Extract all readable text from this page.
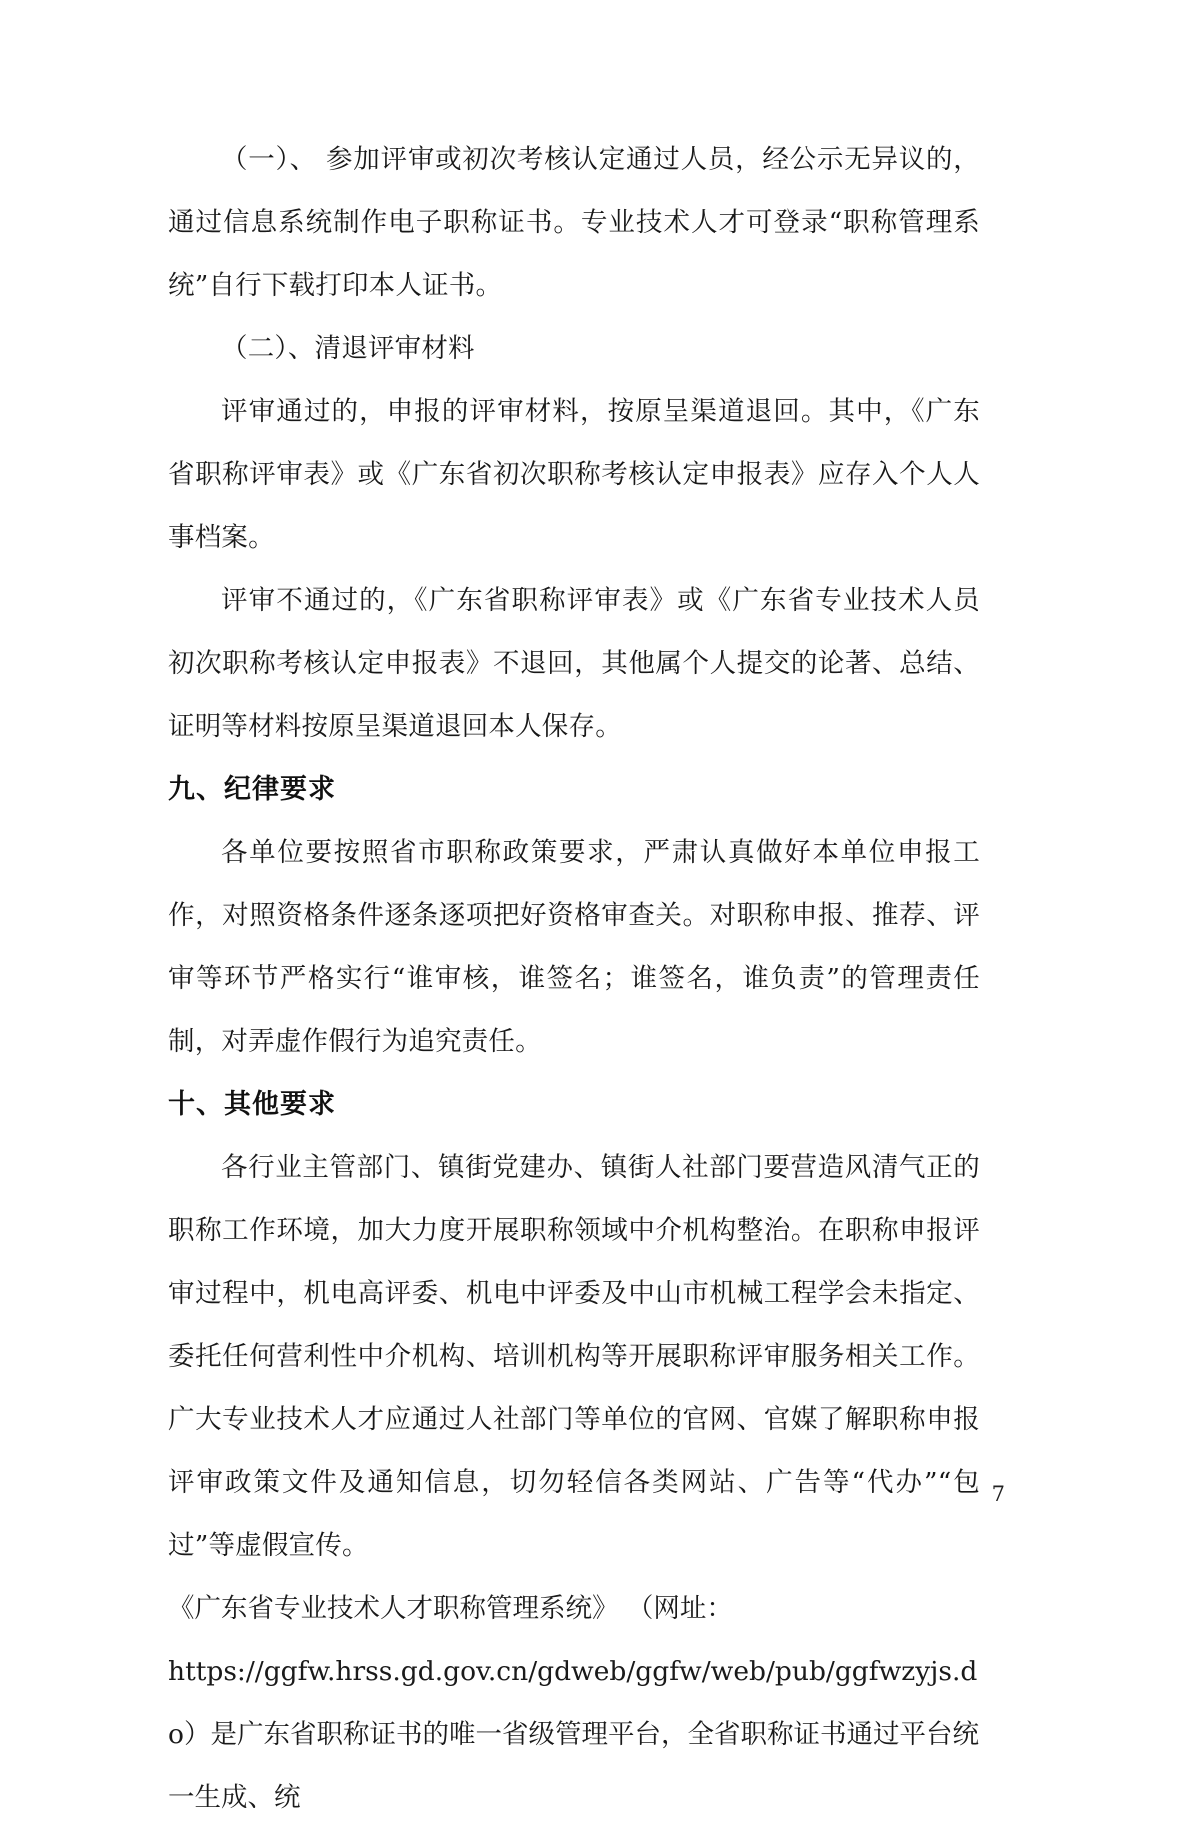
（一）、 参加评审或初次考核认定通过人员，经公示无异议的，通过信息系统制作电子职称证书。专业技术人才可登录“职称管理系统”自行下载打印本人证书。

（二）、清退评审材料

评审通过的，申报的评审材料，按原呈渠道退回。其中，《广东省职称评审表》或《广东省初次职称考核认定申报表》应存入个人人事档案。

评审不通过的，《广东省职称评审表》或《广东省专业技术人员初次职称考核认定申报表》不退回，其他属个人提交的论著、总结、证明等材料按原呈渠道退回本人保存。

九、纪律要求

各单位要按照省市职称政策要求，严肃认真做好本单位申报工作，对照资格条件逐条逐项把好资格审查关。对职称申报、推荐、评审等环节严格实行“谁审核，谁签名；谁签名，谁负责”的管理责任制，对弄虚作假行为追究责任。

十、其他要求

各行业主管部门、镇街党建办、镇街人社部门要营造风清气正的职称工作环境，加大力度开展职称领域中介机构整治。在职称申报评审过程中，机电高评委、机电中评委及中山市机械工程学会未指定、委托任何营利性中介机构、培训机构等开展职称评审服务相关工作。广大专业技术人才应通过人社部门等单位的官网、官媒了解职称申报评审政策文件及通知信息，切勿轻信各类网站、广告等“代办”“包过”等虚假宣传。

《广东省专业技术人才职称管理系统》 （网址：
https://ggfw.hrss.gd.gov.cn/gdweb/ggfw/web/pub/ggfwzyjs.do）是广东省职称证书的唯一省级管理平台，全省职称证书通过平台统一生成、统

7
